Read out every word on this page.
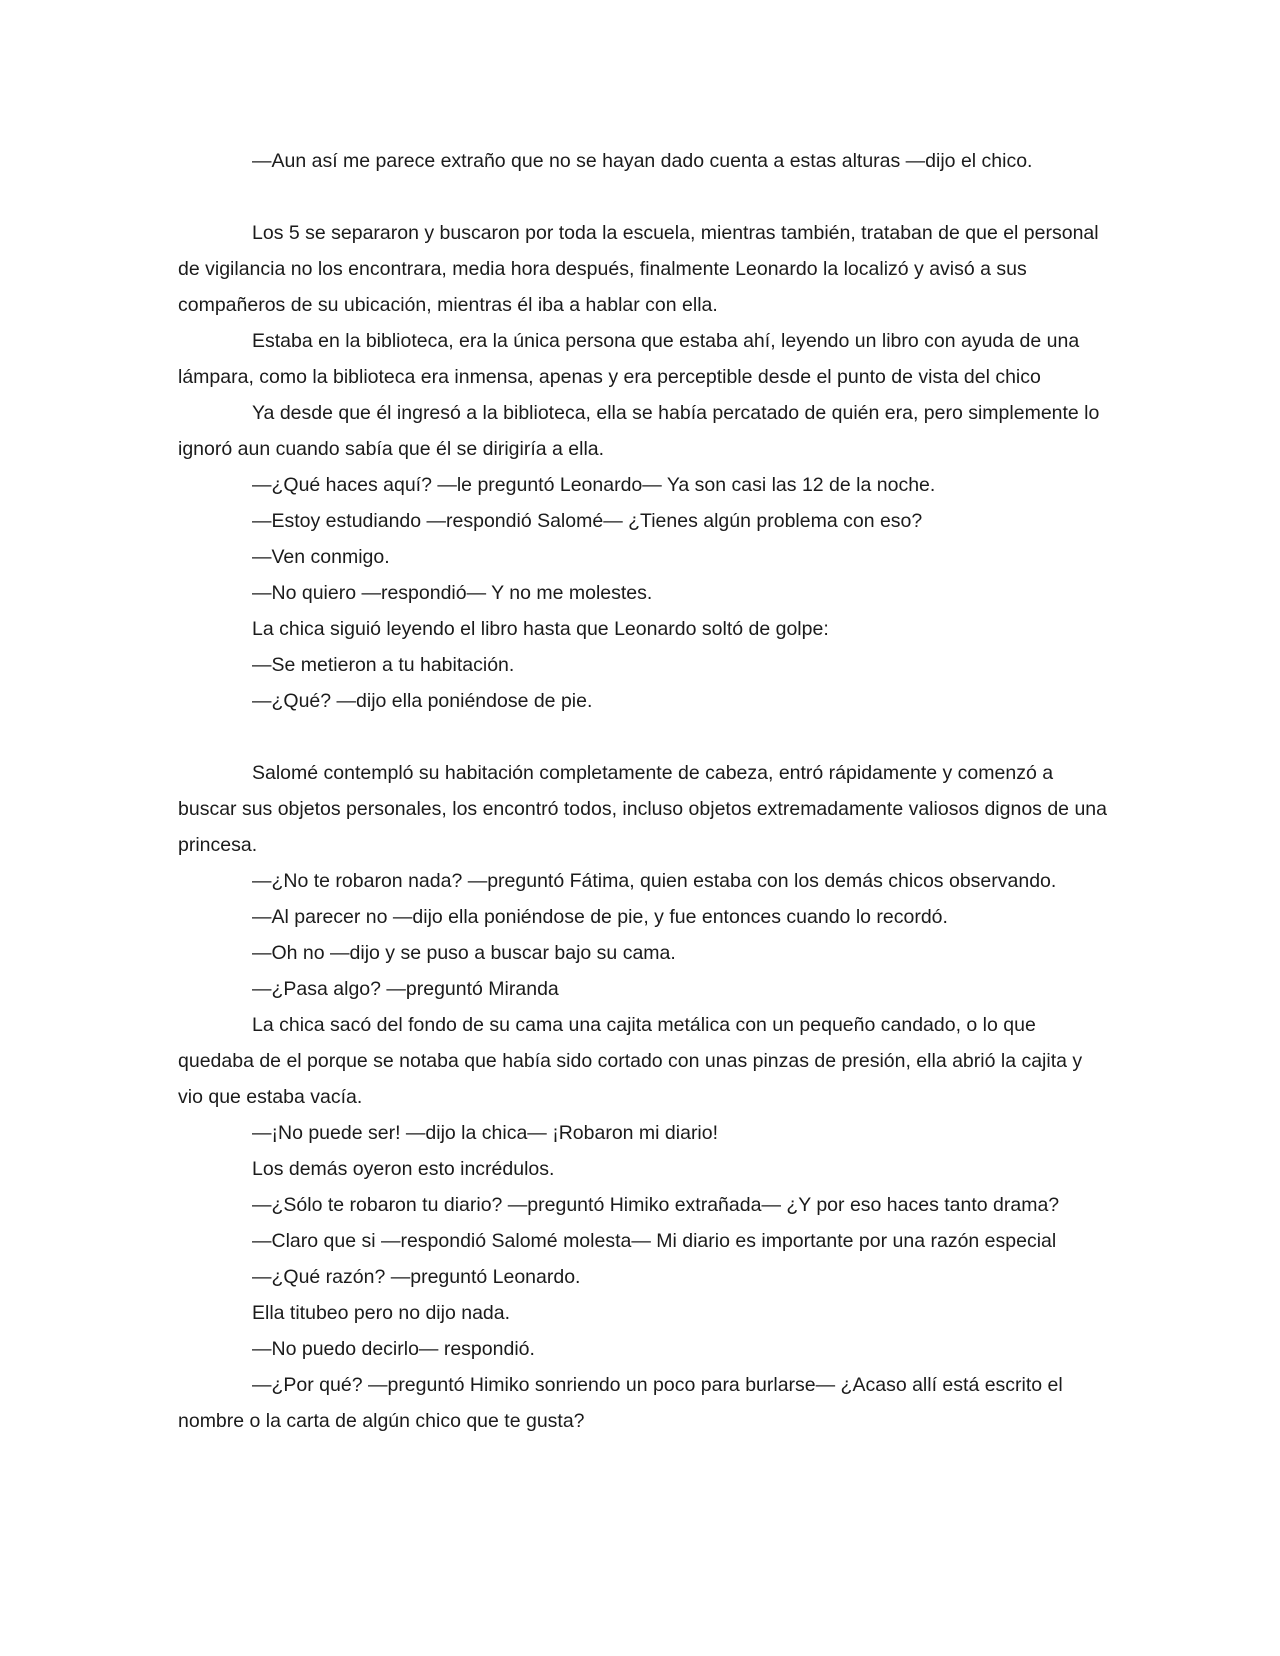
—Aun así me parece extraño que no se hayan dado cuenta a estas alturas —dijo el chico.

Los 5 se separaron y buscaron por toda la escuela, mientras también, trataban de que el personal de vigilancia no los encontrara, media hora después, finalmente Leonardo la localizó y avisó a sus compañeros de su ubicación, mientras él iba a hablar con ella.

Estaba en la biblioteca, era la única persona que estaba ahí, leyendo un libro con ayuda de una lámpara, como la biblioteca era inmensa, apenas y era perceptible desde el punto de vista del chico

Ya desde que él ingresó a la biblioteca, ella se había percatado de quién era, pero simplemente lo ignoró aun cuando sabía que él se dirigiría a ella.

—¿Qué haces aquí? —le preguntó Leonardo— Ya son casi las 12 de la noche.

—Estoy estudiando —respondió Salomé— ¿Tienes algún problema con eso?

—Ven conmigo.

—No quiero —respondió— Y no me molestes.

La chica siguió leyendo el libro hasta que Leonardo soltó de golpe:

—Se metieron a tu habitación.

—¿Qué? —dijo ella poniéndose de pie.

Salomé contempló su habitación completamente de cabeza, entró rápidamente y comenzó a buscar sus objetos personales, los encontró todos, incluso objetos extremadamente valiosos dignos de una princesa.

—¿No te robaron nada? —preguntó Fátima, quien estaba con los demás chicos observando.

—Al parecer no —dijo ella poniéndose de pie, y fue entonces cuando lo recordó.

—Oh no —dijo y se puso a buscar bajo su cama.

—¿Pasa algo? —preguntó Miranda

La chica sacó del fondo de su cama una cajita metálica con un pequeño candado, o lo que quedaba de el porque se notaba que había sido cortado con unas pinzas de presión, ella abrió la cajita y vio que estaba vacía.

—¡No puede ser! —dijo la chica— ¡Robaron mi diario!

Los demás oyeron esto incrédulos.

—¿Sólo te robaron tu diario? —preguntó Himiko extrañada— ¿Y por eso haces tanto drama?

—Claro que si —respondió Salomé molesta— Mi diario es importante por una razón especial

—¿Qué razón? —preguntó Leonardo.

Ella titubeo pero no dijo nada.

—No puedo decirlo— respondió.

—¿Por qué? —preguntó Himiko sonriendo un poco para burlarse— ¿Acaso allí está escrito el nombre o la carta de algún chico que te gusta?
